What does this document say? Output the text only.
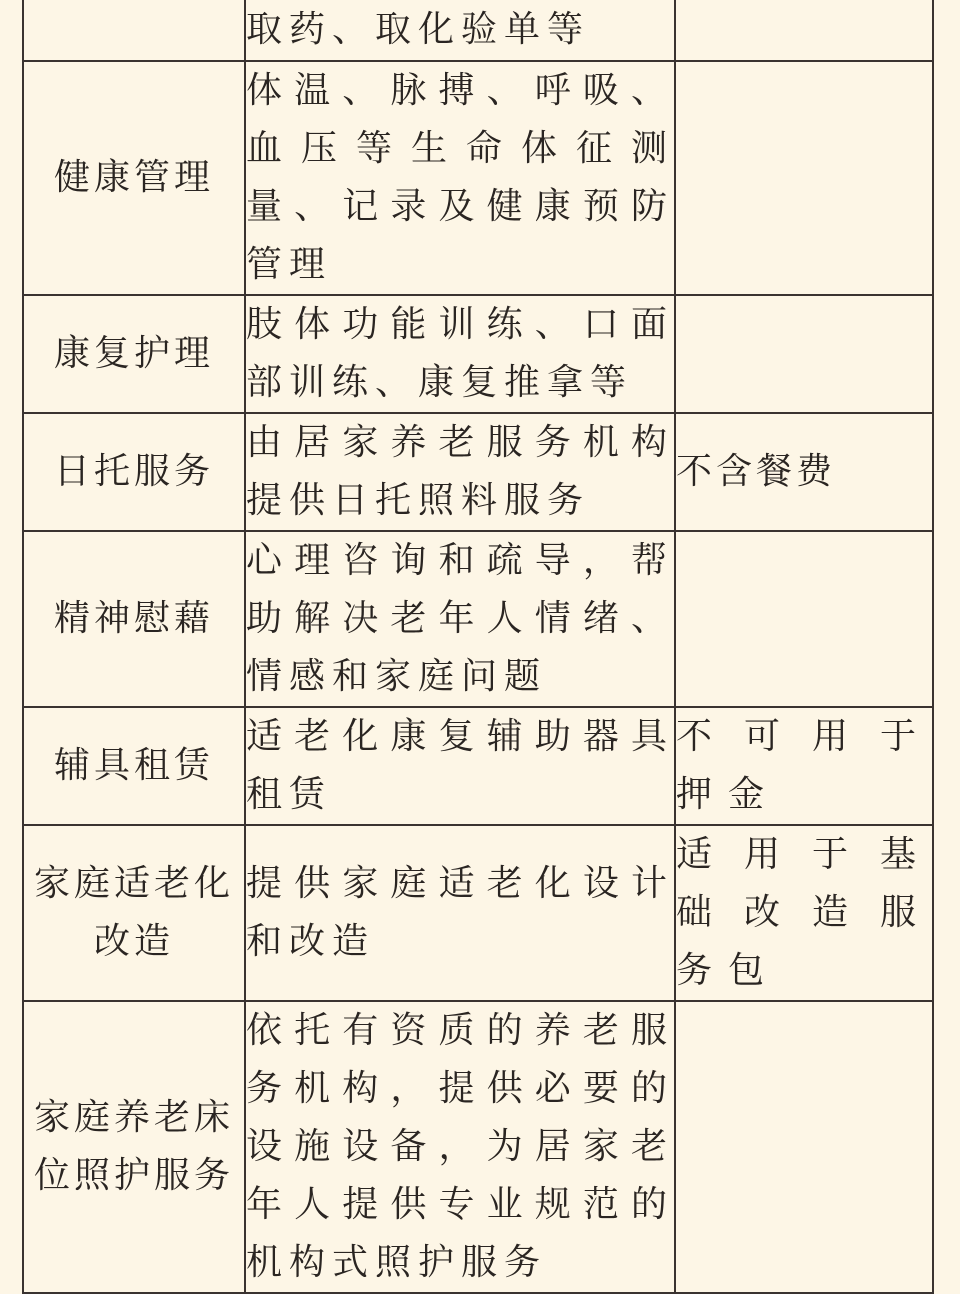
	取药、取化验单等	

健康管理	体温、脉搏、呼吸、血压等生命体征测量、记录及健康预防管理	

康复护理	肢体功能训练、口面部训练、康复推拿等	

日托服务	由居家养老服务机构提供日托照料服务	不含餐费

精神慰藉	心理咨询和疏导，帮助解决老年人情绪、情感和家庭问题	

辅具租赁	适老化康复辅助器具租赁	不可用于押金

家庭适老化改造	提供家庭适老化设计和改造	适用于基础改造服务包

家庭养老床位照护服务	依托有资质的养老服务机构，提供必要的设施设备，为居家老年人提供专业规范的机构式照护服务	
